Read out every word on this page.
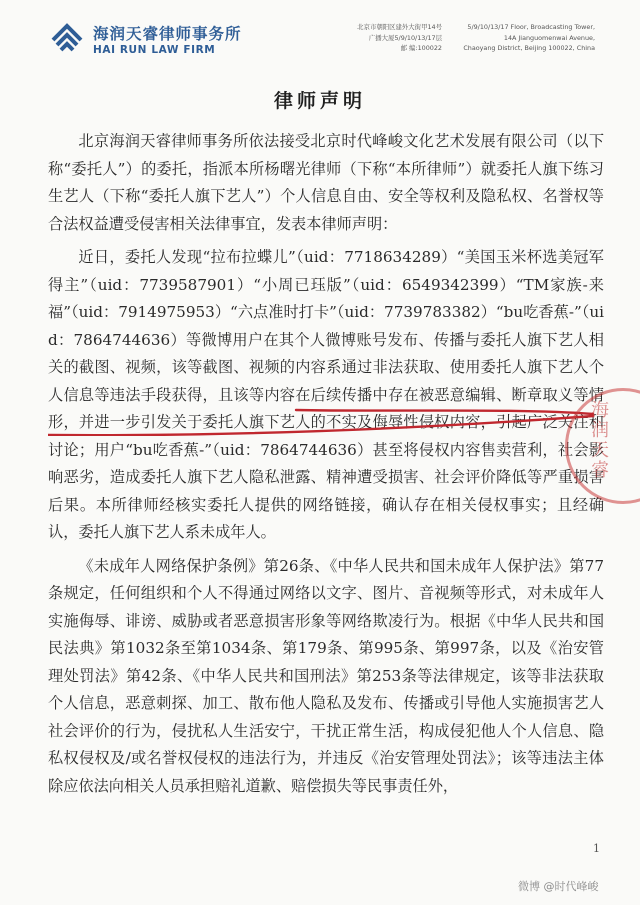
海润天睿律师事务所
HAI RUN LAW FIRM
北京市朝阳区建外大街甲14号
广播大厦5/9/10/13/17层
邮 编:100022
5/9/10/13/17 Floor, Broadcasting Tower,
14A Jianguomenwai Avenue,
Chaoyang District, Beijing 100022, China
律师声明

北京海润天睿律师事务所依法接受北京时代峰峻文化艺术发展有限公司（以下称“委托人”）的委托，指派本所杨曙光律师（下称“本所律师”）就委托人旗下练习生艺人（下称“委托人旗下艺人”）个人信息自由、安全等权利及隐私权、名誉权等合法权益遭受侵害相关法律事宜，发表本律师声明：

近日，委托人发现“拉布拉蝶儿”（uid：7718634289）“美国玉米杯选美冠军得主”（uid：7739587901）“小周已珏版”（uid：6549342399）“TM家族-来福”（uid：7914975953）“六点准时打卡”（uid：7739783382）“bu吃香蕉-”（uid：7864744636）等微博用户在其个人微博账号发布、传播与委托人旗下艺人相关的截图、视频，该等截图、视频的内容系通过非法获取、使用委托人旗下艺人个人信息等违法手段获得，且该等内容在后续传播中存在被恶意编辑、断章取义等情形，并进一步引发关于委托人旗下艺人的不实及侮辱性侵权内容，引起广泛关注和讨论；用户“bu吃香蕉-”（uid：7864744636）甚至将侵权内容售卖营利，社会影响恶劣，造成委托人旗下艺人隐私泄露、精神遭受损害、社会评价降低等严重损害后果。本所律师经核实委托人提供的网络链接，确认存在相关侵权事实；且经确认，委托人旗下艺人系未成年人。

《未成年人网络保护条例》第26条、《中华人民共和国未成年人保护法》第77条规定，任何组织和个人不得通过网络以文字、图片、音视频等形式，对未成年人实施侮辱、诽谤、威胁或者恶意损害形象等网络欺凌行为。根据《中华人民共和国民法典》第1032条至第1034条、第179条、第995条、第997条，以及《治安管理处罚法》第42条、《中华人民共和国刑法》第253条等法律规定，该等非法获取个人信息，恶意刺探、加工、散布他人隐私及发布、传播或引导他人实施损害艺人社会评价的行为，侵扰私人生活安宁，干扰正常生活，构成侵犯他人个人信息、隐私权侵权及/或名誉权侵权的违法行为，并违反《治安管理处罚法》；该等违法主体除应依法向相关人员承担赔礼道歉、赔偿损失等民事责任外，

海润天睿
1
微博 @时代峰峻
